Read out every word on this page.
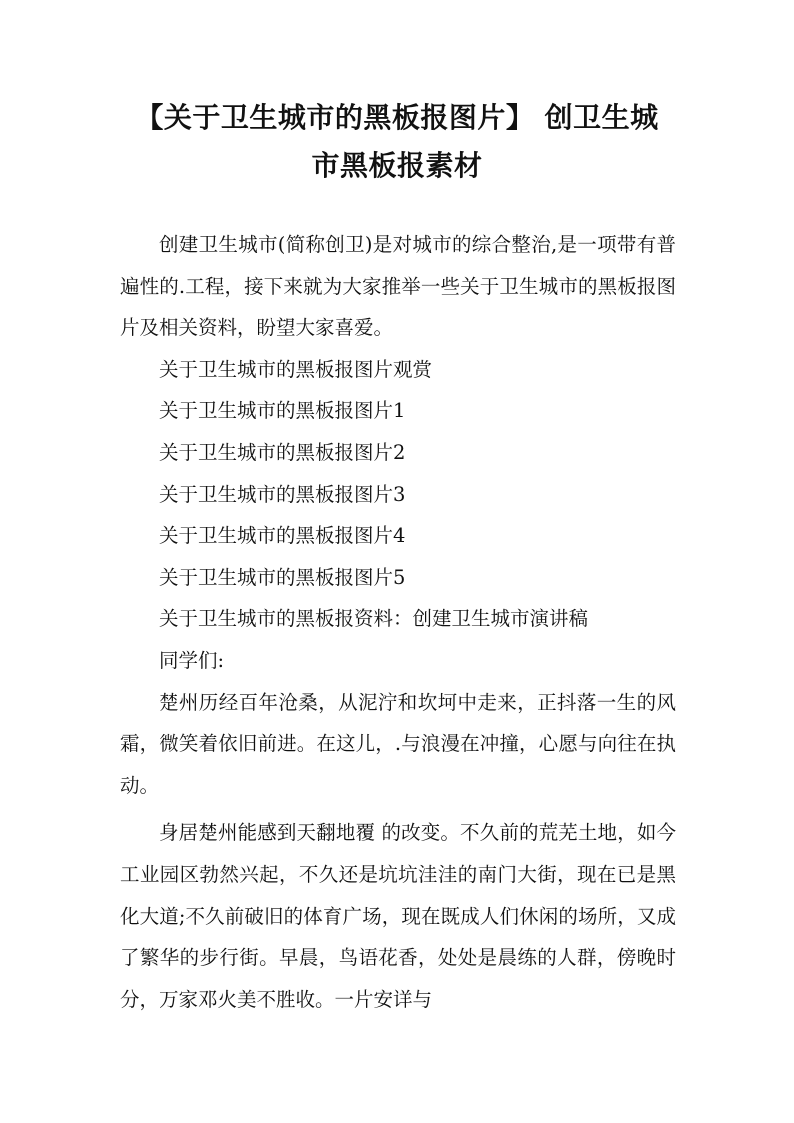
【关于卫生城市的黑板报图片】 创卫生城
市黑板报素材

创建卫生城市(简称创卫)是对城市的综合整治,是一项带有普遍性的.工程，接下来就为大家推举一些关于卫生城市的黑板报图片及相关资料，盼望大家喜爱。

关于卫生城市的黑板报图片观赏

关于卫生城市的黑板报图片1

关于卫生城市的黑板报图片2

关于卫生城市的黑板报图片3

关于卫生城市的黑板报图片4

关于卫生城市的黑板报图片5

关于卫生城市的黑板报资料：创建卫生城市演讲稿

同学们:

楚州历经百年沧桑，从泥泞和坎坷中走来，正抖落一生的风霜，微笑着依旧前进。在这儿，.与浪漫在冲撞，心愿与向往在执动。

身居楚州能感到天翻地覆 的改变。不久前的荒芜土地，如今工业园区勃然兴起，不久还是坑坑洼洼的南门大街，现在已是黑化大道;不久前破旧的体育广场，现在既成人们休闲的场所，又成了繁华的步行街。早晨，鸟语花香，处处是晨练的人群，傍晚时分，万家邓火美不胜收。一片安详与
